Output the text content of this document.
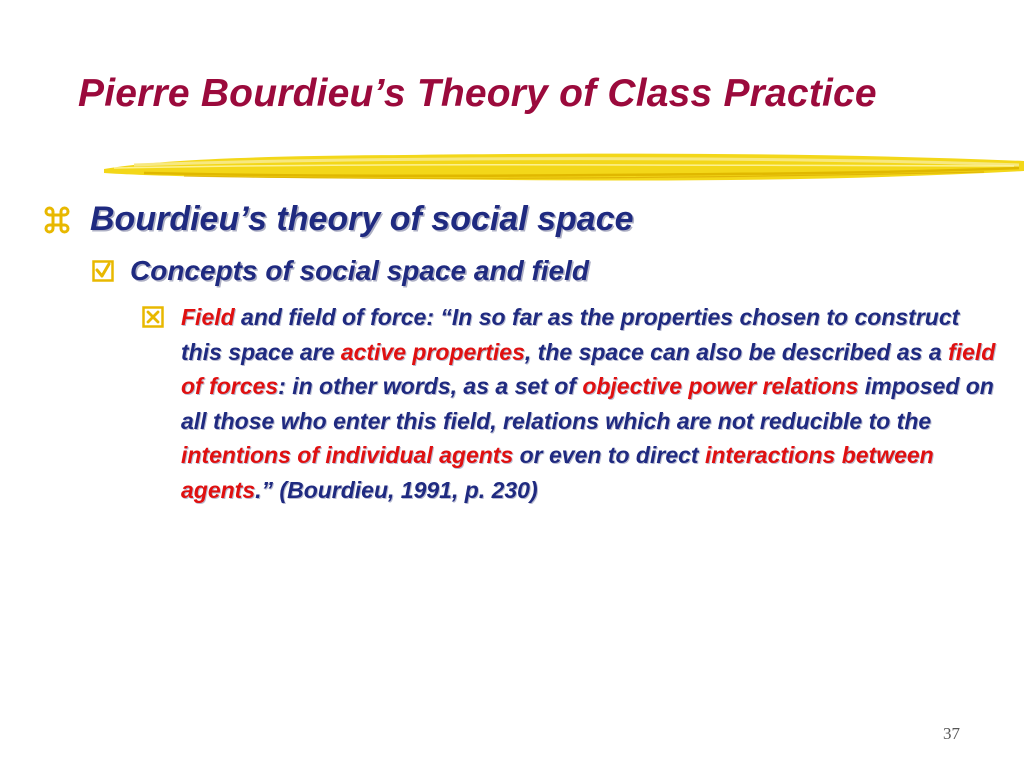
Pierre Bourdieu’s Theory of Class Practice
Bourdieu’s theory of social space
Concepts of social space and field
Field and field of force: “In so far as the properties chosen to construct this space are active properties, the space can also be described as a field of forces: in other words, as a set of objective power relations imposed on all those who enter this field, relations which are not reducible to the intentions of individual agents or even to direct interactions between agents.” (Bourdieu, 1991, p. 230)
37
